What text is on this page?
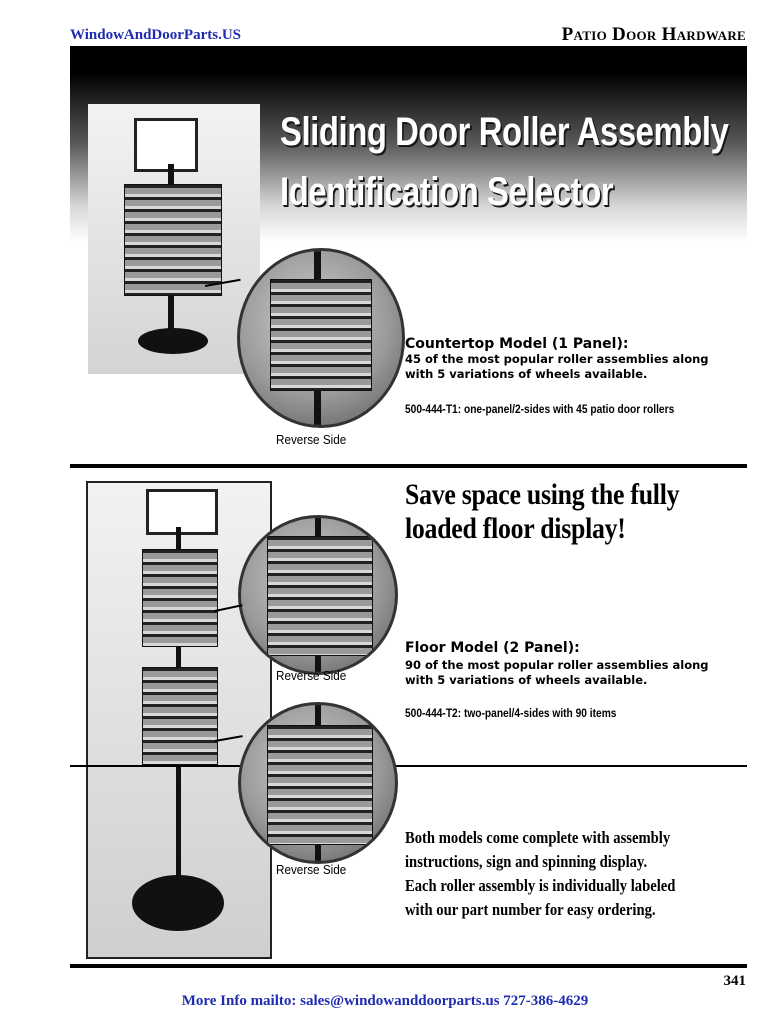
WindowAndDoorParts.US	Patio Door Hardware
Sliding Door Roller Assembly
Identification Selector
Countertop Model (1 Panel):
45 of the most popular roller assemblies along
with 5 variations of wheels available.
500-444-T1: one-panel/2-sides with 45 patio door rollers
Reverse Side
Save space using the fully
loaded floor display!
Reverse Side
Floor Model (2 Panel):
90 of the most popular roller assemblies along
with 5 variations of wheels available.
500-444-T2: two-panel/4-sides with 90 items
Reverse Side
Both models come complete with assembly
instructions, sign and spinning display.
Each roller assembly is individually labeled
with our part number for easy ordering.
341
More Info mailto: sales@windowanddoorparts.us 727-386-4629
